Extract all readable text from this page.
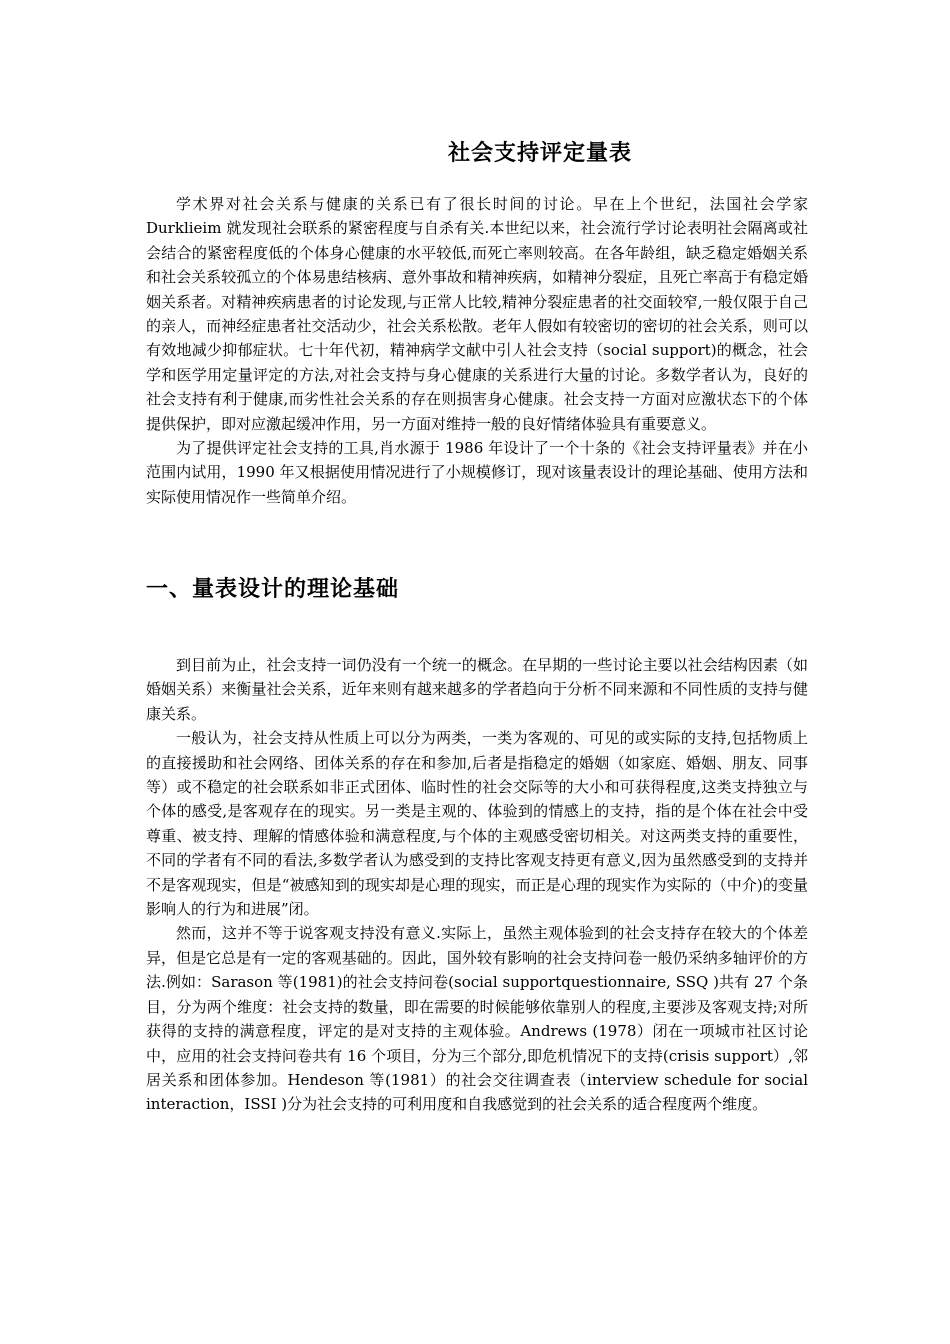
社会支持评定量表

学术界对社会关系与健康的关系已有了很长时间的讨论。早在上个世纪，法国社会学家 Durklieim 就发现社会联系的紧密程度与自杀有关.本世纪以来，社会流行学讨论表明社会隔离或社会结合的紧密程度低的个体身心健康的水平较低,而死亡率则较高。在各年龄组，缺乏稳定婚姻关系和社会关系较孤立的个体易患结核病、意外事故和精神疾病，如精神分裂症，且死亡率高于有稳定婚姻关系者。对精神疾病患者的讨论发现,与正常人比较,精神分裂症患者的社交面较窄,一般仅限于自己的亲人，而神经症患者社交活动少，社会关系松散。老年人假如有较密切的密切的社会关系，则可以有效地减少抑郁症状。七十年代初，精神病学文献中引人社会支持（social support)的概念，社会学和医学用定量评定的方法,对社会支持与身心健康的关系进行大量的讨论。多数学者认为，良好的社会支持有利于健康,而劣性社会关系的存在则损害身心健康。社会支持一方面对应激状态下的个体提供保护，即对应激起缓冲作用，另一方面对维持一般的良好情绪体验具有重要意义。

为了提供评定社会支持的工具,肖水源于 1986 年设计了一个十条的《社会支持评量表》并在小范围内试用，1990 年又根据使用情况进行了小规模修订，现对该量表设计的理论基础、使用方法和实际使用情况作一些简单介绍。

一、量表设计的理论基础

到目前为止，社会支持一词仍没有一个统一的概念。在早期的一些讨论主要以社会结构因素（如婚姻关系）来衡量社会关系，近年来则有越来越多的学者趋向于分析不同来源和不同性质的支持与健康关系。

一般认为，社会支持从性质上可以分为两类，一类为客观的、可见的或实际的支持,包括物质上的直接援助和社会网络、团体关系的存在和参加,后者是指稳定的婚姻（如家庭、婚姻、朋友、同事等）或不稳定的社会联系如非正式团体、临时性的社会交际等的大小和可获得程度,这类支持独立与个体的感受,是客观存在的现实。另一类是主观的、体验到的情感上的支持，指的是个体在社会中受尊重、被支持、理解的情感体验和满意程度,与个体的主观感受密切相关。对这两类支持的重要性，不同的学者有不同的看法,多数学者认为感受到的支持比客观支持更有意义,因为虽然感受到的支持并不是客观现实，但是“被感知到的现实却是心理的现实，而正是心理的现实作为实际的（中介)的变量影响人的行为和进展”闭。

然而，这并不等于说客观支持没有意义.实际上，虽然主观体验到的社会支持存在较大的个体差异，但是它总是有一定的客观基础的。因此，国外较有影响的社会支持问卷一般仍采纳多轴评价的方法.例如：Sarason 等(1981)的社会支持问卷(social supportquestionnaire, SSQ )共有 27 个条目，分为两个维度：社会支持的数量，即在需要的时候能够依靠别人的程度,主要涉及客观支持;对所获得的支持的满意程度，评定的是对支持的主观体验。Andrews (1978）闭在一项城市社区讨论中，应用的社会支持问卷共有 16 个项目，分为三个部分,即危机情况下的支持(crisis support）,邻居关系和团体参加。Hendeson 等(1981）的社会交往调查表（interview schedule for social interaction，ISSI )分为社会支持的可利用度和自我感觉到的社会关系的适合程度两个维度。
